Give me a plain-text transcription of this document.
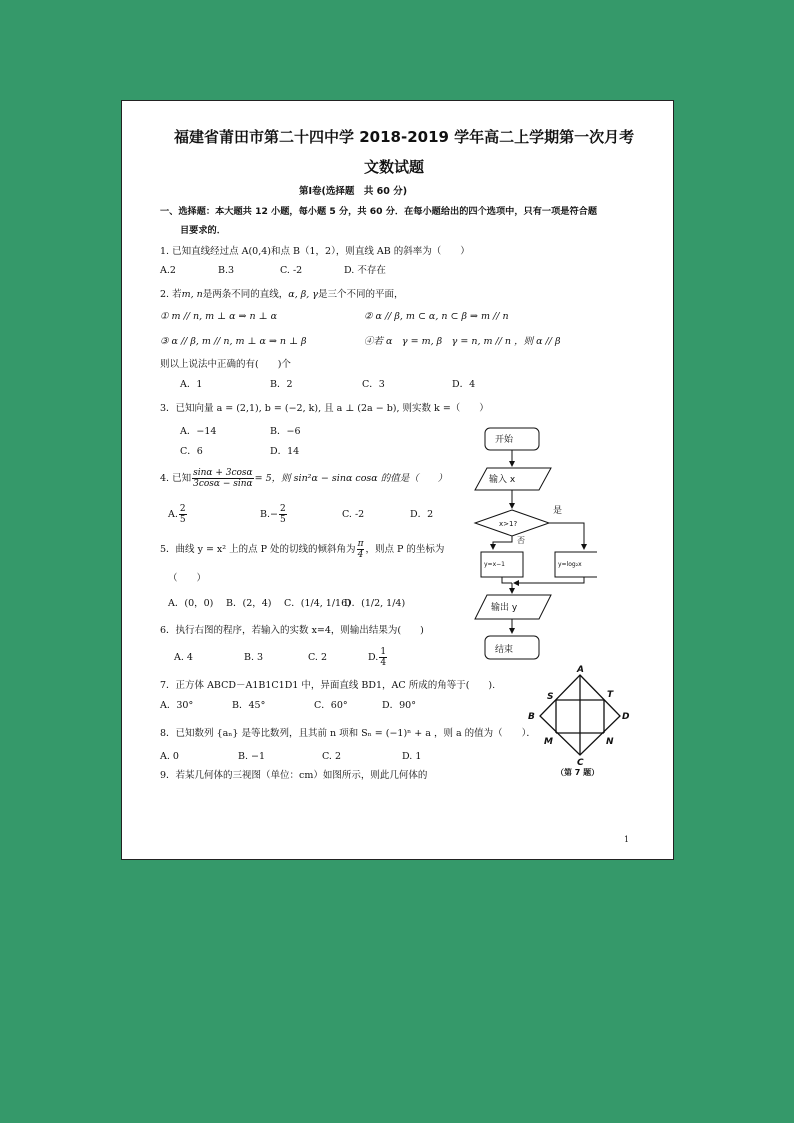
福建省莆田市第二十四中学 2018-2019 学年高二上学期第一次月考
文数试题
第Ⅰ卷(选择题　共 60 分)
一、选择题：本大题共 12 小题，每小题 5 分，共 60 分．在每小题给出的四个选项中，只有一项是符合题
目要求的．
1. 已知直线经过点 A(0,4)和点 B（1，2），则直线 AB 的斜率为（　　）
A.2	B.3	C. -2	D. 不存在
2. 若m, n是两条不同的直线，α, β, γ是三个不同的平面，
① m // n, m ⊥ α ⇒ n ⊥ α	② α // β, m ⊂ α, n ⊂ β ⇒ m // n
③ α // β, m // n, m ⊥ α ⇒ n ⊥ β	④若 α　γ = m, β　γ = n, m // n ，则 α // β
则以上说法中正确的有(　　)个
A．1	B．2	C．3	D．4
3．已知向量 a = (2,1), b = (−2, k), 且 a ⊥ (2a − b), 则实数 k =（　　）
A．−14	B．−6
C．6	D．14
4. 已知 $\frac{\sin\alpha + 3\cos\alpha}{3\cos\alpha - \sin\alpha} = 5$，则 sin²α − sinα cosα 的值是（　　）
A. $\frac{2}{5}$	$B.- \frac{2}{5}$	C. -2	D．2
5．曲线 y = x² 上的点 P 处的切线的倾斜角为 $\frac{\pi}{4}$ ，则点 P 的坐标为
（　　）
A．(0，0) B．(2，4) C．(1/4, 1/16)
D．(1/2, 1/4)
6．执行右图的程序，若输入的实数 x=4，则输出结果为(　　)
A. 4	B. 3	C. 2	D. $\frac{1}{4}$
7．正方体 ABCD－A1B1C1D1 中，异面直线 BD1，AC 所成的角等于(　　).
A．30°	B．45°	C．60°	D．90°
8．已知数列 {aₙ} 是等比数列，且其前 n 项和 Sₙ = (−1)ⁿ + a ，则 a 的值为（　　）．
A. 0	B. −1	C. 2	D. 1
9．若某几何体的三视图（单位：cm）如图所示，则此几何体的
1
开始
输入 x
x>1?
是
否
y=x−1	y=log₂x
输出 y
结束
A
B
C
D
S	T
M	N
（第 7 题）
